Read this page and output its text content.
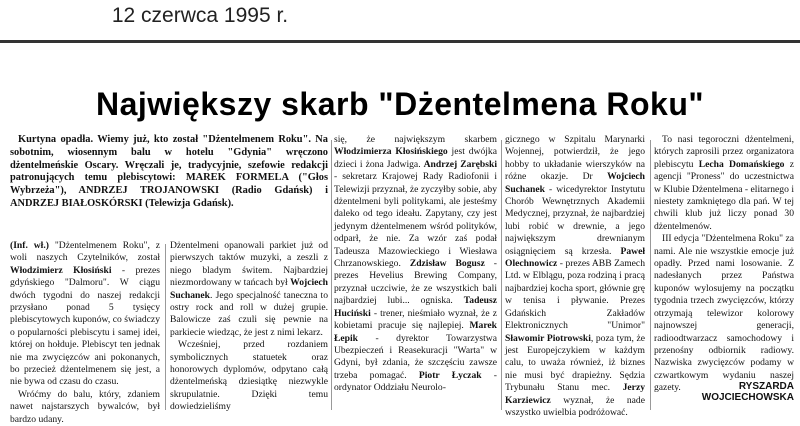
12 czerwca 1995 r.
Największy skarb "Dżentelmena Roku"

Kurtyna opadła. Wiemy już, kto został "Dżentelmenem Roku". Na sobotnim, wiosennym balu w hotelu "Gdynia" wręczono dżentelmeńskie Oscary. Wręczali je, tradycyjnie, szefowie redakcji patronujących temu plebiscytowi: MAREK FORMELA ("Głos Wybrzeża"), ANDRZEJ TROJANOWSKI (Radio Gdańsk) i ANDRZEJ BIAŁOSKÓRSKI (Telewizja Gdańsk).

(Inf. wł.) "Dżentelmenem Roku", z woli naszych Czytelników, został Włodzimierz Kłosiński - prezes gdyńskiego "Dalmoru". W ciągu dwóch tygodni do naszej redakcji przysłano ponad 5 tysięcy plebiscytowych kuponów, co świadczy o popularności plebiscytu i samej idei, której on hołduje. Plebiscyt ten jednak nie ma zwycięzców ani pokonanych, bo przecież dżentelmenem się jest, a nie bywa od czasu do czasu.

Wróćmy do balu, który, zdaniem nawet najstarszych bywalców, był bardzo udany.

Dżentelmeni opanowali parkiet już od pierwszych taktów muzyki, a zeszli z niego bladym świtem. Najbardziej niezmordowany w tańcach był Wojciech Suchanek. Jego specjalność taneczna to ostry rock and roll w dużej grupie. Balowicze zaś czuli się pewnie na parkiecie wiedząc, że jest z nimi lekarz.

Wcześniej, przed rozdaniem symbolicznych statuetek oraz honorowych dyplomów, odpytano całą dżentelmeńską dziesiątkę niezwykle skrupulatnie. Dzięki temu dowiedzieliśmy

się, że największym skarbem Włodzimierza Kłosińskiego jest dwójka dzieci i żona Jadwiga. Andrzej Zarębski - sekretarz Krajowej Rady Radiofonii i Telewizji przyznał, że zyczyłby sobie, aby dżentelmeni byli politykami, ale jesteśmy daleko od tego ideału. Zapytany, czy jest jedynym dżentelmenem wśród polityków, odparł, że nie. Za wzór zaś podał Tadeusza Mazowieckiego i Wiesława Chrzanowskiego. Zdzisław Bogusz - prezes Hevelius Brewing Company, przyznał uczciwie, że ze wszystkich bali najbardziej lubi... ogniska. Tadeusz Huciński - trener, nieśmiało wyznał, że z kobietami pracuje się najlepiej. Marek Łepik - dyrektor Towarzystwa Ubezpieczeń i Reasekuracji "Warta" w Gdyni, był zdania, że szczęściu zawsze trzeba pomagać. Piotr Łyczak - ordynator Oddziału Neurolo-

gicznego w Szpitalu Marynarki Wojennej, potwierdził, że jego hobby to układanie wierszyków na różne okazje. Dr Wojciech Suchanek - wicedyrektor Instytutu Chorób Wewnętrznych Akademii Medycznej, przyznał, że najbardziej lubi robić w drewnie, a jego największym drewnianym osiągnięciem są krzesła. Paweł Olechnowicz - prezes ABB Zamech Ltd. w Elblągu, poza rodziną i pracą najbardziej kocha sport, głównie grę w tenisa i pływanie. Prezes Gdańskich Zakładów Elektronicznych "Unimor" Sławomir Piotrowski, poza tym, że jest Europejczykiem w każdym calu, to uważa również, iż biznes nie musi być drapieżny. Sędzia Trybunału Stanu mec. Jerzy Karziewicz wyznał, że nade wszystko uwielbia podróżować.

To nasi tegoroczni dżentelmeni, których zaprosili przez organizatora plebiscytu Lecha Domańskiego z agencji "Proness" do uczestnictwa w Klubie Dżentelmena - elitarnego i niestety zamkniętego dla pań. W tej chwili klub już liczy ponad 30 dżentelmenów.

III edycja "Dżentelmena Roku" za nami. Ale nie wszystkie emocje już opadły. Przed nami losowanie. Z nadesłanych przez Państwa kuponów wylosujemy na początku tygodnia trzech zwycięzców, którzy otrzymają telewizor kolorowy najnowszej generacji, radioodtwarzacz samochodowy i przenośny odbiornik radiowy. Nazwiska zwycięzców podamy w czwartkowym wydaniu naszej gazety.	RYSZARDA
WOJCIECHOWSKA
